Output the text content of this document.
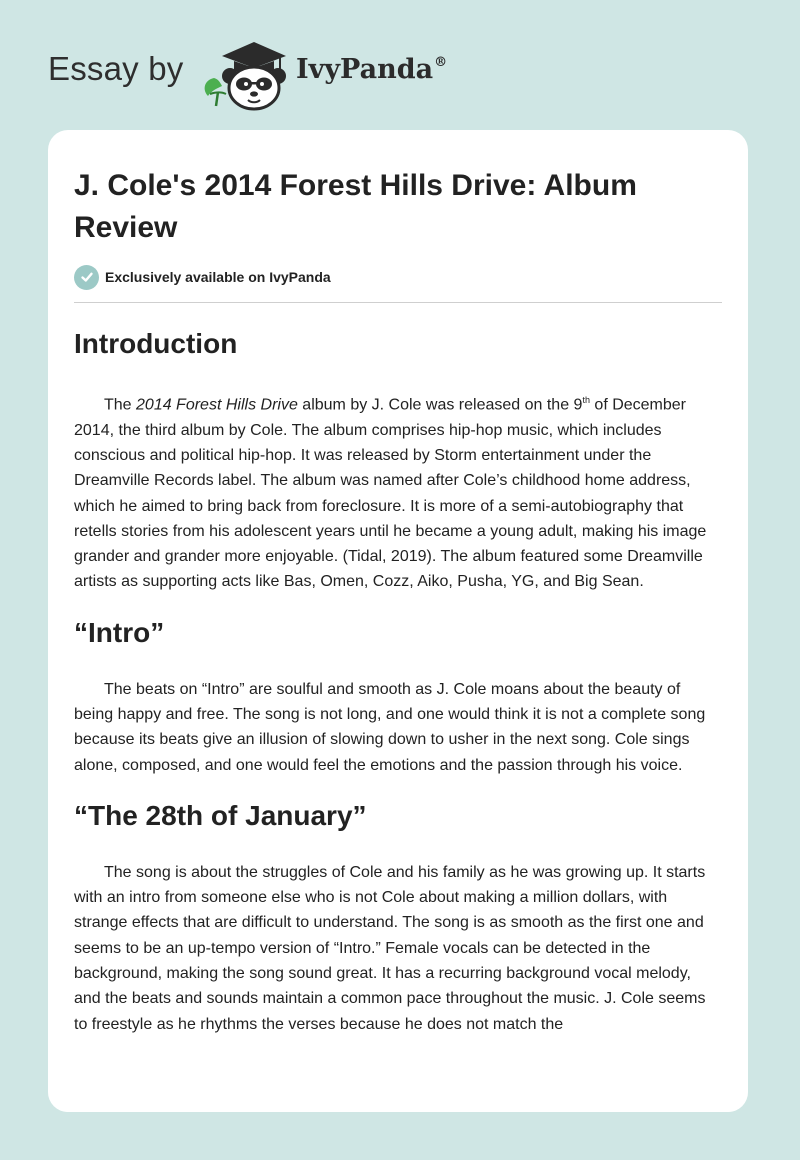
Essay by	IvyPanda®
J. Cole's 2014 Forest Hills Drive: Album Review
Exclusively available on IvyPanda
Introduction

The 2014 Forest Hills Drive album by J. Cole was released on the 9th of December 2014, the third album by Cole. The album comprises hip-hop music, which includes conscious and political hip-hop. It was released by Storm entertainment under the Dreamville Records label. The album was named after Cole’s childhood home address, which he aimed to bring back from foreclosure. It is more of a semi-autobiography that retells stories from his adolescent years until he became a young adult, making his image grander and grander more enjoyable. (Tidal, 2019). The album featured some Dreamville artists as supporting acts like Bas, Omen, Cozz, Aiko, Pusha, YG, and Big Sean.

“Intro”

The beats on “Intro” are soulful and smooth as J. Cole moans about the beauty of being happy and free. The song is not long, and one would think it is not a complete song because its beats give an illusion of slowing down to usher in the next song. Cole sings alone, composed, and one would feel the emotions and the passion through his voice.

“The 28th of January”

The song is about the struggles of Cole and his family as he was growing up. It starts with an intro from someone else who is not Cole about making a million dollars, with strange effects that are difficult to understand. The song is as smooth as the first one and seems to be an up-tempo version of “Intro.” Female vocals can be detected in the background, making the song sound great. It has a recurring background vocal melody, and the beats and sounds maintain a common pace throughout the music. J. Cole seems to freestyle as he rhythms the verses because he does not match the
